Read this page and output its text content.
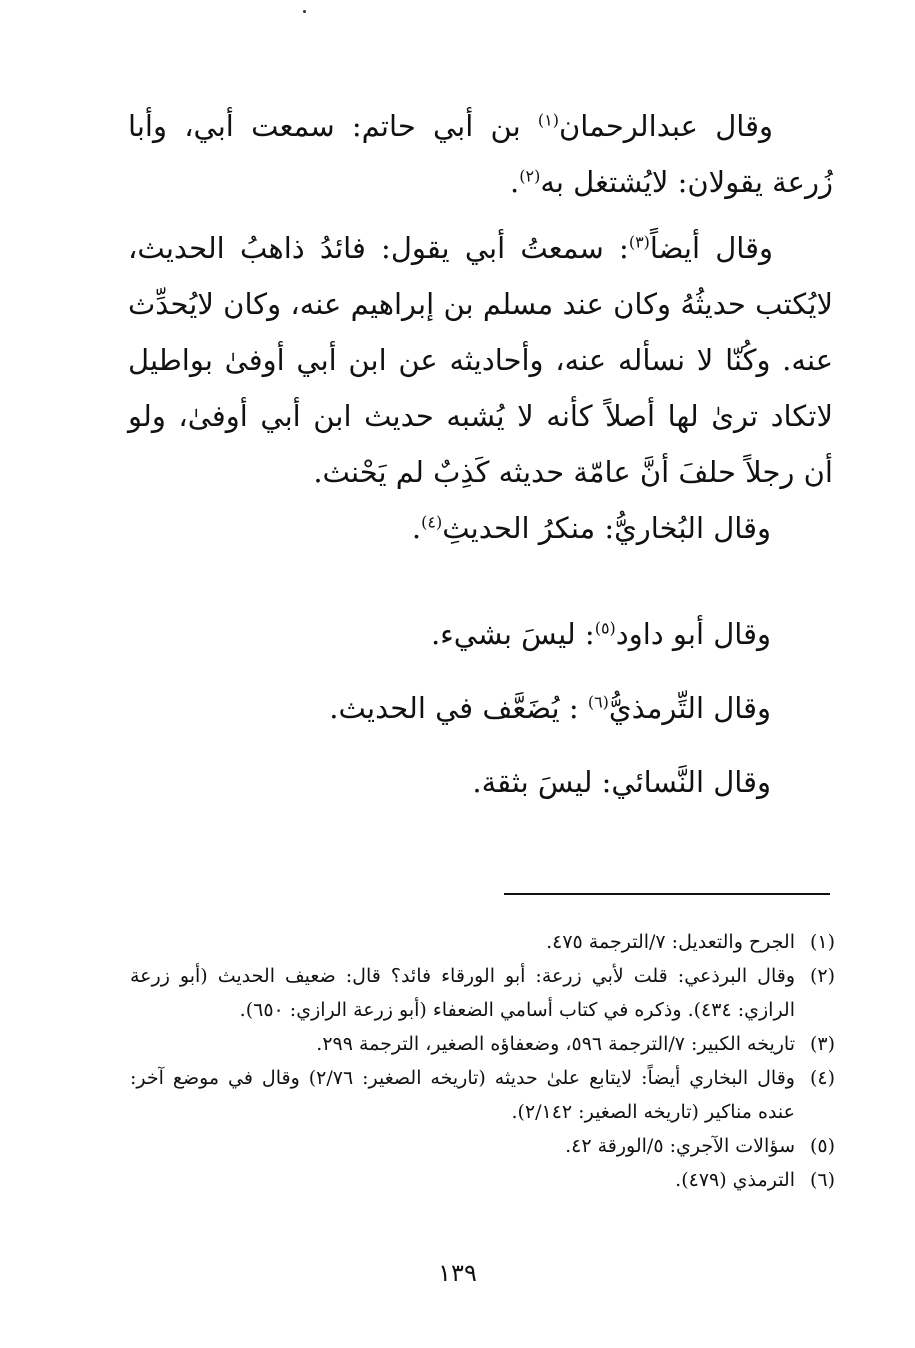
وقال عبدالرحمان$^{(١)}$ بن أبي حاتم: سمعت أبي، وأبا زُرعة يقولان: لايُشتغل به$^{(٢)}$.

وقال أيضاً$^{(٣)}$: سمعتُ أبي يقول: فائدُ ذاهبُ الحديث، لايُكتب حديثُهُ وكان عند مسلم بن إبراهيم عنه، وكان لايُحدِّث عنه. وكُنّا لا نسأله عنه، وأحاديثه عن ابن أبي أوفىٰ بواطيل لاتكاد ترىٰ لها أصلاً كأنه لا يُشبه حديث ابن أبي أوفىٰ، ولو أن رجلاً حلفَ أنَّ عامّة حديثه كَذِبٌ لم يَحْنث.

وقال البُخاريُّ: منكرُ الحديثِ$^{(٤)}$.

وقال أبو داود$^{(٥)}$: ليسَ بشيء.

وقال التِّرمذيُّ$^{(٦)}$ : يُضَعَّف في الحديث.

وقال النَّسائي: ليسَ بثقة.

(١)
الجرح والتعديل: ٧/الترجمة ٤٧٥.
(٢)
وقال البرذعي: قلت لأبي زرعة: أبو الورقاء فائد؟ قال: ضعيف الحديث (أبو زرعة الرازي: ٤٣٤). وذكره في كتاب أسامي الضعفاء (أبو زرعة الرازي: ٦٥٠).
(٣)
تاريخه الكبير: ٧/الترجمة ٥٩٦، وضعفاؤه الصغير، الترجمة ٢٩٩.
(٤)
وقال البخاري أيضاً: لايتابع علىٰ حديثه (تاريخه الصغير: ٢/٧٦) وقال في موضع آخر: عنده مناكير (تاريخه الصغير: ٢/١٤٢).
(٥)
سؤالات الآجري: ٥/الورقة ٤٢.
(٦)
الترمذي (٤٧٩).
١٣٩
